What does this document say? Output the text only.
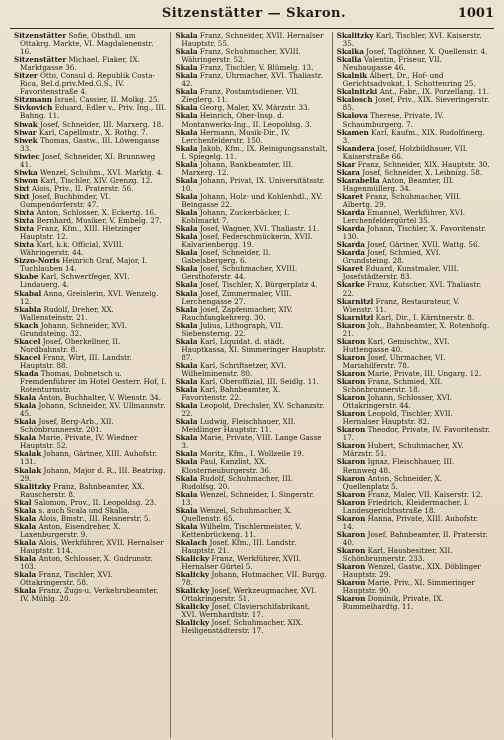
Sitzenstätter — Skaron.	1001

Sitzenstätter Sofie, Obsthdl. am Ottakrg. Markte, VI. Magdalenenstr. 16.

Sitzenstätter Michael, Fiaker, IX. Marktgasse 36.

Sitzer Otto, Consul d. Republik Costa-Rica, Bel.d.priv.Med.G.S., IV. Favoritenstraße 4.

Sitzmann Israel, Cassier, II. Molkg. 25.

Sivkovich Eduard, Edler v., Priv. Ing., III. Bahng. 11.

Siwak Josef, Schneider, III. Marxerg. 18.

Siwar Karl, Capellmstr., X. Rothg. 7.

Siwek Thomas, Gastw., III. Löwengasse 33.

Siwiec Josef, Schneider, XI. Brunnweg 41.

Siwka Wenzel, Schuhm., XVI. Marktg. 4.

Siwon Karl, Tischler, XIV. Grenzg. 12.

Sixt Alois, Priv., II. Praterstr. 56.

Sixt Josef, Buchbinder, VI. Gumpendorferstr. 47.

Sixta Anton, Schlosser, X. Eckertg. 16.

Sixta Bernhard, Musiker, V. Embelg. 27.

Sixta Franz, Kfm., XIII. Hietzinger Hauptstr. 12.

Sixta Karl, k.k. Official, XVIII. Währingerstr. 44.

Sizzo-Noris Heinrich Graf, Major, I. Tuchlauben 14.

Skabe Karl, Schwertfeger, XVI. Lindauerg. 4.

Skabal Anna, Greislerin, XVI. Wenzelg. 12.

Skabla Rudolf, Dreher, XX. Wallensteinstr. 21.

Skach Johann, Schneider, XVI. Grundsteing. 32.

Skacel Josef, Oberkellner, II. Nordbahnstr. 8.

Skacel Franz, Wirt, III. Landstr. Hauptstr. 88.

Skada Thomas, Dolmetsch u. Fremdenführer im Hotel Oesterr. Hof, I. Rotenturmstr.

Skala Anton, Buchhalter, V. Wienstr. 34.

Skala Johann, Schneider, XV. Ullmannstr. 45.

Skala Josef, Berg-Arb., XII. Schönbrunnerstr. 201.

Skala Marie, Private, IV. Wiedner Hauptstr. 52.

Skalak Johann, Gärtner, XIII. Auhofstr. 131.

Skalak Johann, Major d. R., III. Beatrixg. 29.

Skalitzky Franz, Bahnbeamter, XX. Rauscherstr. 8.

Skal Salomon, Prov., II. Leopoldsg. 23.

Skala s. auch Scala und Skalla.

Skala Alois, Bmstr., III. Reisnerstr. 5.

Skala Anton, Eisendreher, X. Laxenburgerstr. 9.

Skala Alois, Werkführer, XVII. Hernalser Hauptstr. 114.

Skala Anton, Schlosser, X. Gudrunstr. 103.

Skala Franz, Tischler, XVI. Ottakringerstr. 58.

Skala Franz, Zugs-u. Verkehrsbeamter, IV. Mühlg. 20.

Skala Franz, Schneider, XVII. Hernalser Hauptstr. 55.

Skala Franz, Schuhmacher, XVIII. Währingerstr. 52.

Skala Franz, Tischler, V. Blümelg. 13.

Skala Franz, Uhrmacher, XVI. Thaliastr. 42.

Skala Franz, Postamtsdiener, VII. Zieglerg. 11.

Skala Georg, Maler, XV. Märzstr. 33.

Skala Heinrich, Ober-Insp. d. Montanwerks-Ing., II. Leopoldsg. 3.

Skala Hermann, Musik-Dir., IV. Lerchenfelderstr. 150.

Skala Jakob, Kfm., IX. Reinigungsanstalt, I. Spiegelg. 11.

Skala Johann, Bankbeamter, III. Marxerg. 12.

Skala Johann, Privat, IX. Universitätsstr. 10.

Skala Johann, Holz- und Kohlenhdl., XV. Beingasse 22.

Skala Johann, Zuckerbäcker, I. Kohlmarkt 7.

Skala Josef, Wagner, XVI. Thaliastr. 11.

Skala Josef, Federschmückerin, XVII. Kalvarienbergg. 19.

Skala Josef, Schneider, II. Gabelsbergerg. 6.

Skala Josef, Schuhmacher, XVIII. Gersthoferstr. 44.

Skala Josef, Tischler, X. Bürgerplatz 4.

Skala Josef, Zimmermaler, VIII. Lerchengasse 27.

Skala Josef, Zapfenmacher, XIV. Rauchfangkehrerg. 30.

Skala Julius, Lithograph, VII. Siebensterng. 22.

Skala Karl, Liquidat. d. städt. Hauptkassa, XI. Simmeringer Hauptstr. 87.

Skala Karl, Schriftsetzer, XVI. Wilhelminenstr. 80.

Skala Karl, Oberoffizial, III. Seidlg. 11.

Skala Karl, Bahnbeamter, X. Favoritenstr. 22.

Skala Leopold, Drechsler, XV. Schanzstr. 22.

Skala Ludwig, Fleischhauer, XII. Meidlinger Hauptstr. 11.

Skala Marie, Private, VIII. Lange Gasse 3.

Skala Moritz, Kfm., I. Wollzeile 19.

Skala Paul, Kanzlist, XX. Klosterneuburgerstr. 36.

Skala Rudolf, Schuhmacher, III. Rudolfsg. 20.

Skala Wenzel, Schneider, I. Singerstr. 13.

Skala Wenzel, Schuhmacher, X. Quellenstr. 65.

Skala Wilhelm, Tischlermeister, V. Kettenbrückeng. 11.

Skalach Josef, Kfm., III. Landstr. Hauptstr. 21.

Skalicky Franz, Werkführer, XVII. Hernalser Gürtel 5.

Skalicky Johann, Hutmacher, VII. Burgg. 78.

Skalicky Josef, Werkzeugmacher, XVI. Ottakringerstr. 51.

Skalicky Josef, Clavierschlfabrikant, XVI. Wernhardtstr. 17.

Skalicky Josef, Schuhmacher, XIX. Heiligenstädterstr. 17.

Skalitzky Karl, Tischler, XVI. Kaiserstr. 35.

Skalka Josef, Taglöhner, X. Quellenstr. 4.

Skalla Valentin, Friseur, VII. Neubaugasse 46.

Skalnik Albert, Dr., Hof- und Gerichtsadvokat, I. Schottenring 25.

Skalnitzki Ant., Fabr., IX. Porzellang. 11.

Skalosch Josef, Priv., XIX. Sieveringerstr. 85.

Skalova Therese, Private, IV. Schaumburgerg. 7.

Skamen Karl, Kaufm., XIX. Rudolfinerg. 3.

Skandera Josef, Holzbildhauer, VII. Kaiserstraße 66.

Skar Franz, Schneider, XIX. Hauptstr. 30.

Skara Josef, Schneider, X. Leibnizg. 58.

Skarabella Anton, Beamter, III. Hagenmüllerg. 34.

Skaret Franz, Schuhmacher, VIII. Albertg. 29.

Skarda Emanuel, Werkführer, XVI. Lerchenfeldergürtel 35.

Skarda Johann, Tischler, X. Favoritenstr. 130.

Skarda Josef, Gärtner, XVII. Wattg. 56.

Skarda Josef, Schmied, XVI. Grundsteing. 28.

Skaret Eduard, Kunstmaler, VIII. Josefstädterstr. 83.

Skarke Franz, Kutscher, XVI. Thaliastr. 22.

Skarnitzl Franz, Restaurateur, V. Wienstr. 11.

Skarnitzl Karl, Dir., I. Kärntnerstr. 8.

Skaron Joh., Bahnbeamter, X. Rotenhofg. 21.

Skaron Karl, Gemischtw., XVI. Huttengasse 40.

Skaron Josef, Uhrmacher, VI. Mariahilferstr. 78.

Skaron Marie, Private, III. Ungarg. 12.

Skaron Franz, Schmied, XII. Schönbrunnerstr. 18.

Skaron Johann, Schlosser, XVI. Ottakringerstr. 44.

Skaron Leopold, Tischler, XVII. Hernalser Hauptstr. 82.

Skaron Theodor, Private, IV. Favoritenstr. 17.

Skaron Hubert, Schuhmacher, XV. Märzstr. 51.

Skaron Ignaz, Fleischhauer, III. Rennweg 48.

Skaron Anton, Schneider, X. Quellenplatz 5.

Skaron Franz, Maler, VII. Kaiserstr. 12.

Skaron Friedrich, Kleidermacher, I. Landesgerichtsstraße 18.

Skaron Hanna, Private, XIII. Auhofstr. 14.

Skaron Josef, Bahnbeamter, II. Praterstr. 40.

Skaron Karl, Hausbesitzer, XII. Schönbrunnerstr. 233.

Skaron Wenzel, Gastw., XIX. Döblinger Hauptstr. 29.

Skaron Marie, Priv., XI. Simmeringer Hauptstr. 90.

Skaron Dominik, Private, IX. Rummelhardtg. 11.
